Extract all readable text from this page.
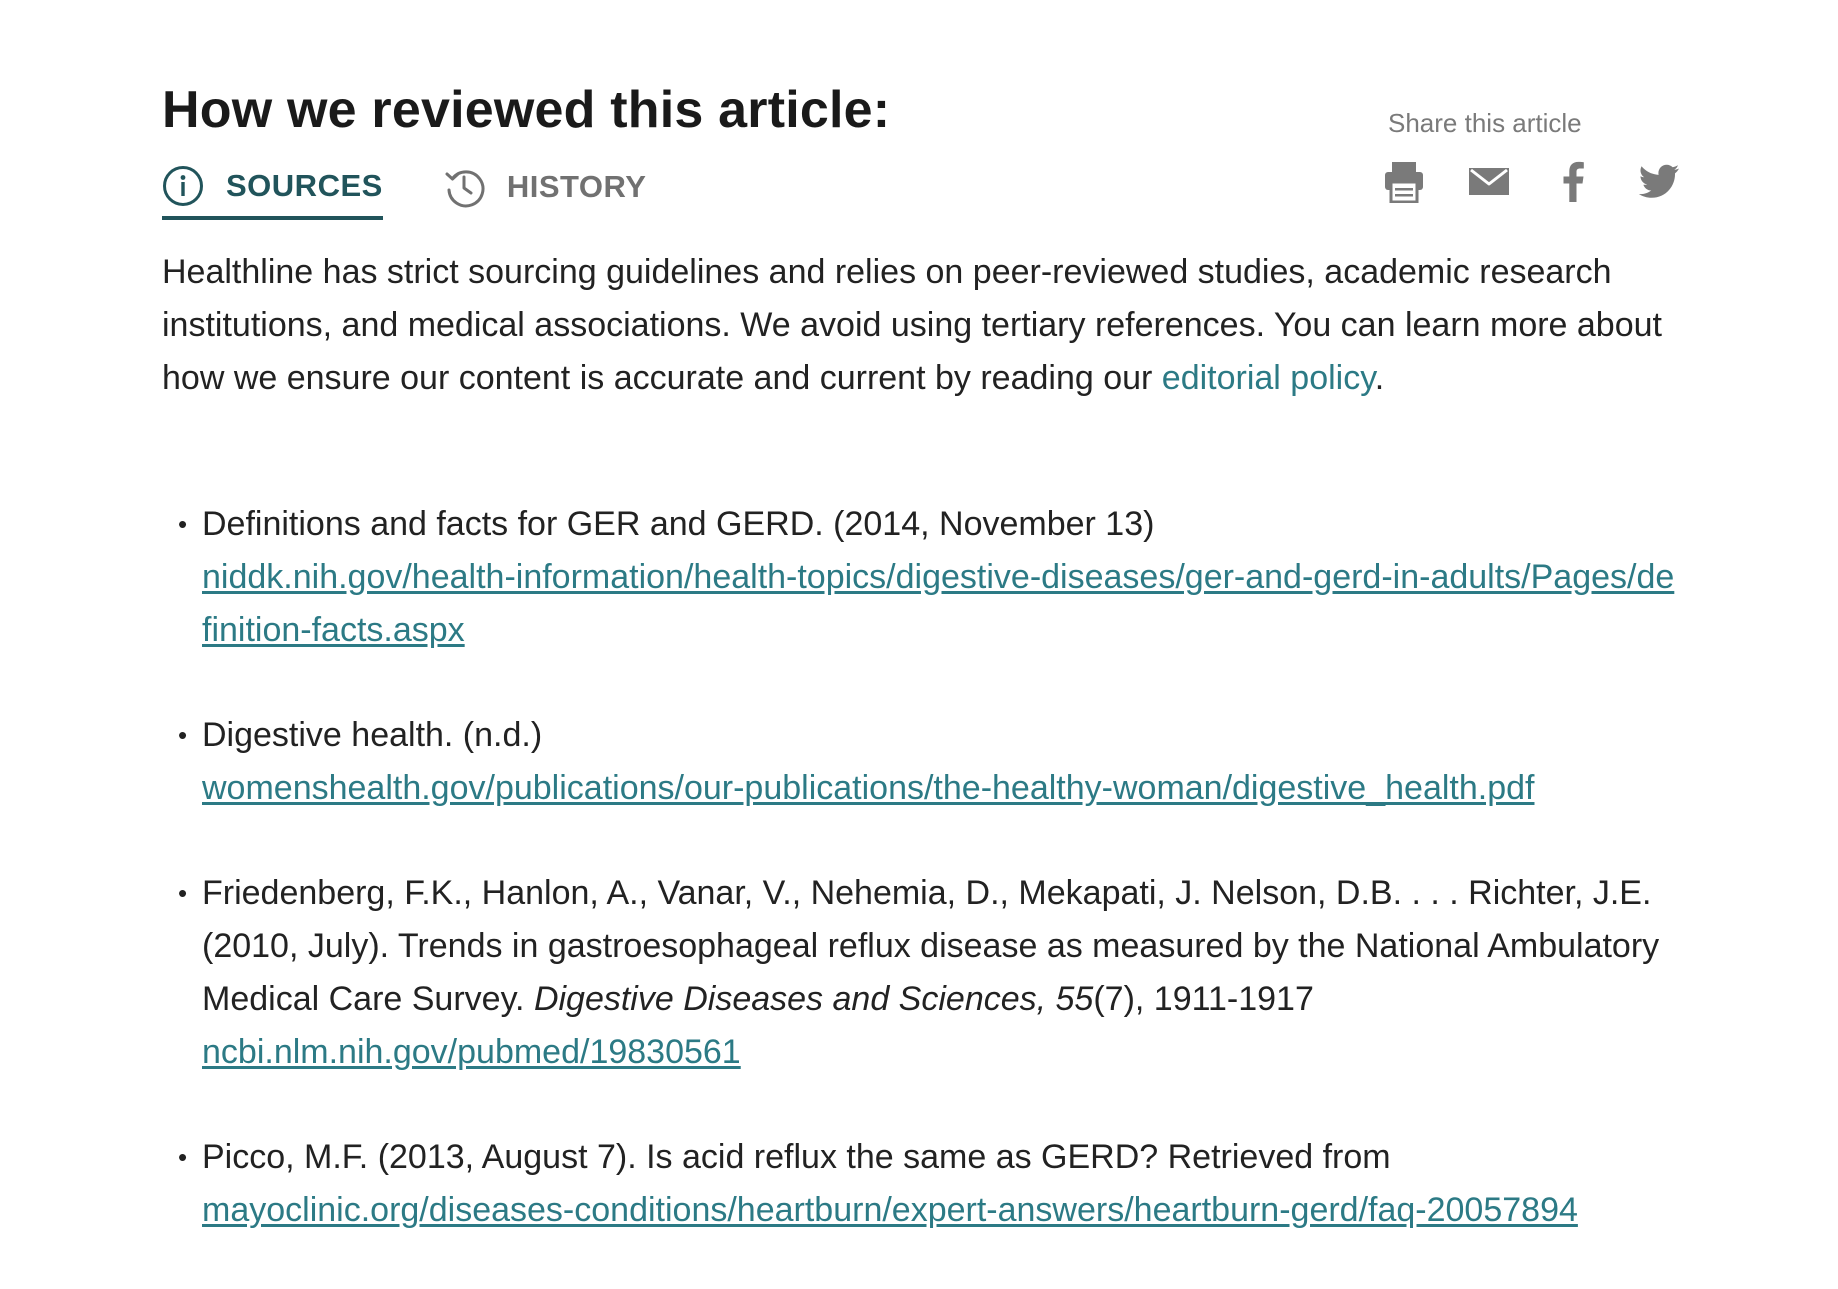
How we reviewed this article:
SOURCES	HISTORY
Share this article

Healthline has strict sourcing guidelines and relies on peer-reviewed studies, academic research institutions, and medical associations. We avoid using tertiary references. You can learn more about how we ensure our content is accurate and current by reading our editorial policy.

• Definitions and facts for GER and GERD. (2014, November 13)
niddk.nih.gov/health-information/health-topics/digestive-diseases/ger-and-gerd-in-adults/Pages/definition-facts.aspx
• Digestive health. (n.d.)
womenshealth.gov/publications/our-publications/the-healthy-woman/digestive_health.pdf
• Friedenberg, F.K., Hanlon, A., Vanar, V., Nehemia, D., Mekapati, J. Nelson, D.B. . . . Richter, J.E. (2010, July). Trends in gastroesophageal reflux disease as measured by the National Ambulatory Medical Care Survey. Digestive Diseases and Sciences, 55(7), 1911-1917
ncbi.nlm.nih.gov/pubmed/19830561
• Picco, M.F. (2013, August 7). Is acid reflux the same as GERD? Retrieved from
mayoclinic.org/diseases-conditions/heartburn/expert-answers/heartburn-gerd/faq-20057894
